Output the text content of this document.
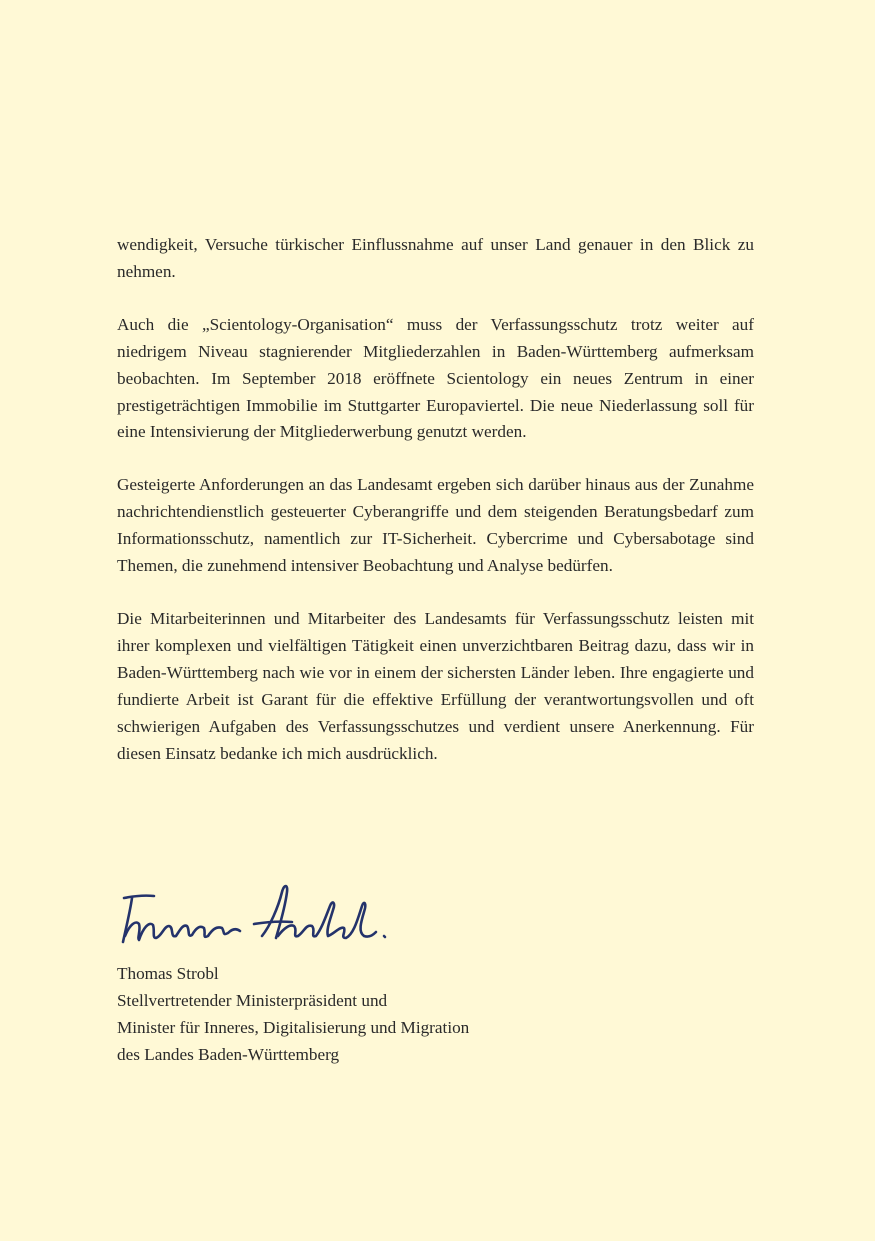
wendigkeit, Versuche türkischer Einflussnahme auf unser Land genauer in den Blick zu nehmen.

Auch die „Scientology-Organisation“ muss der Verfassungsschutz trotz weiter auf niedrigem Niveau stagnierender Mitgliederzahlen in Baden-Württemberg aufmerksam beobachten. Im September 2018 eröffnete Scientology ein neues Zentrum in einer prestigeträchtigen Immobilie im Stuttgarter Europaviertel. Die neue Niederlassung soll für eine Intensivierung der Mitgliederwerbung genutzt werden.

Gesteigerte Anforderungen an das Landesamt ergeben sich darüber hinaus aus der Zunahme nachrichtendienstlich gesteuerter Cyberangriffe und dem steigenden Beratungsbedarf zum Informationsschutz, namentlich zur IT-Sicherheit. Cybercrime und Cybersabotage sind Themen, die zunehmend intensiver Beobachtung und Analyse bedürfen.

Die Mitarbeiterinnen und Mitarbeiter des Landesamts für Verfassungsschutz leisten mit ihrer komplexen und vielfältigen Tätigkeit einen unverzichtbaren Beitrag dazu, dass wir in Baden-Württemberg nach wie vor in einem der sichersten Länder leben. Ihre engagierte und fundierte Arbeit ist Garant für die effektive Erfüllung der verantwortungsvollen und oft schwierigen Aufgaben des Verfassungsschutzes und verdient unsere Anerkennung. Für diesen Einsatz bedanke ich mich ausdrücklich.

Thomas Strobl
Stellvertretender Ministerpräsident und
Minister für Inneres, Digitalisierung und Migration
des Landes Baden-Württemberg
